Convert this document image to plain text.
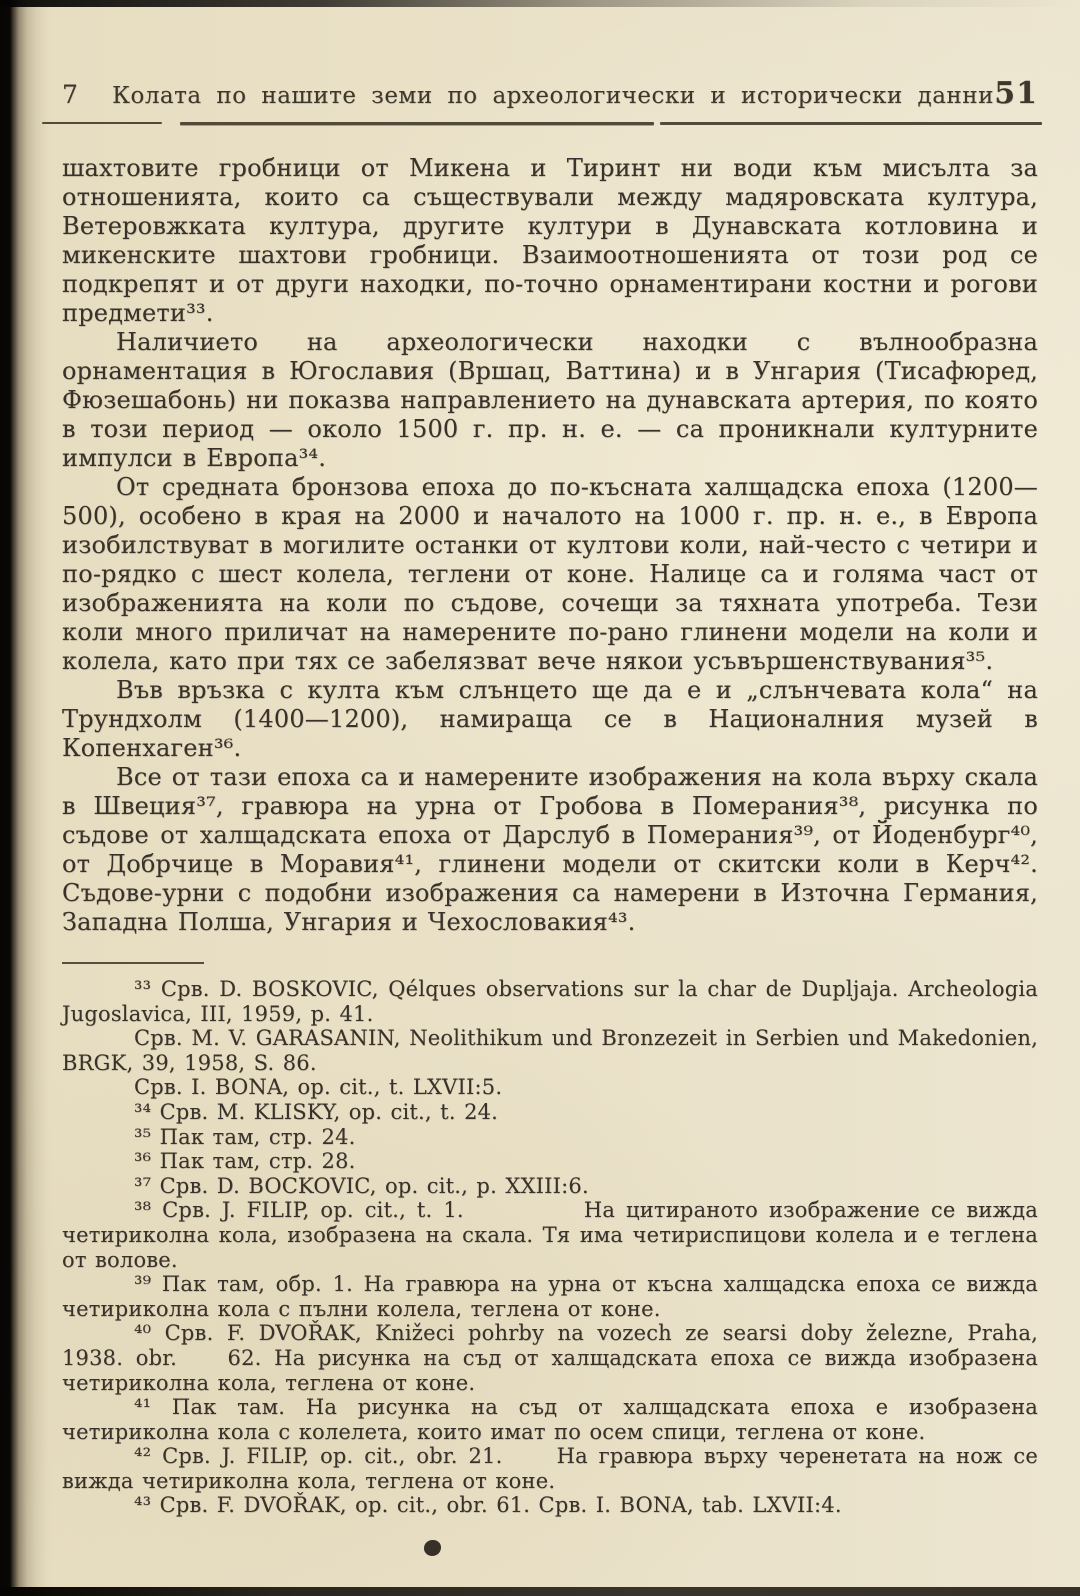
7	Колата по нашите земи по археологически и исторически данни 51

шахтовите гробници от Микена и Тиринт ни води към мисълта за отношенията, които са съществували между мадяровската култура, Ветеровжката култура, другите култури в Дунавската котловина и микенските шахтови гробници. Взаимоотношенията от този род се подкрепят и от други находки, по-точно орнаментирани костни и рогови предмети³³.

Наличието на археологически находки с вълнообразна орнаментация в Югославия (Вршац, Ваттина) и в Унгария (Тисафюред, Фюзешабонь) ни показва направлението на дунавската артерия, по която в този период — около 1500 г. пр. н. е. — са проникнали културните импулси в Европа³⁴.

От средната бронзова епоха до по-късната халщадска епоха (1200—500), особено в края на 2000 и началото на 1000 г. пр. н. е., в Европа изобилствуват в могилите останки от култови коли, най-често с четири и по-рядко с шест колела, теглени от коне. Налице са и голяма част от изображенията на коли по съдове, сочещи за тяхната употреба. Тези коли много приличат на намерените по-рано глинени модели на коли и колела, като при тях се забелязват вече някои усъвършенствувания³⁵.

Във връзка с култа към слънцето ще да е и „слънчевата кола“ на Трундхолм (1400—1200), намираща се в Националния музей в Копенхаген³⁶.

Все от тази епоха са и намерените изображения на кола върху скала в Швеция³⁷, гравюра на урна от Гробова в Померания³⁸, рисунка по съдове от халщадската епоха от Дарслуб в Померания³⁹, от Йоденбург⁴⁰, от Добрчице в Моравия⁴¹, глинени модели от скитски коли в Керч⁴². Съдове-урни с подобни изображения са намерени в Източна Германия, Западна Полша, Унгария и Чехословакия⁴³.

³³ Срв. D. BOSKOVIC, Qélques observations sur la char de Dupljaja. Archeologia Jugoslavica, III, 1959, p. 41.

Срв. M. V. GARASANIN, Neolithikum und Bronzezeit in Serbien und Makedonien, BRGK, 39, 1958, S. 86.

Срв. I. BONA, op. cit., t. LXVII:5.

³⁴ Срв. M. KLISKY, op. cit., t. 24.

³⁵ Пак там, стр. 24.

³⁶ Пак там, стр. 28.

³⁷ Срв. D. BOCKOVIC, op. cit., p. XXIII:6.

³⁸ Срв. J. FILIP, op. cit., t. 1.           На цитираното изображение се вижда четириколна кола, изобразена на скала. Тя има четириспицови колела и е теглена от волове.

³⁹ Пак там, обр. 1. На гравюра на урна от късна халщадска епоха се вижда четириколна кола с пълни колела, теглена от коне.

⁴⁰ Срв. F. DVOŘAK, Knižeci pohrby na vozech ze searsi doby železne, Praha, 1938. obr.    62. На рисунка на съд от халщадската епоха се вижда изобразена четириколна кола, теглена от коне.

⁴¹ Пак там. На рисунка на съд от халщадската епоха е изобразена четириколна кола с колелета, които имат по осем спици, теглена от коне.

⁴² Срв. J. FILIP, op. cit., obr. 21.     На гравюра върху черенетата на нож се вижда четириколна кола, теглена от коне.

⁴³ Срв. F. DVOŘAK, op. cit., obr. 61. Срв. I. BONA, tab. LXVII:4.
